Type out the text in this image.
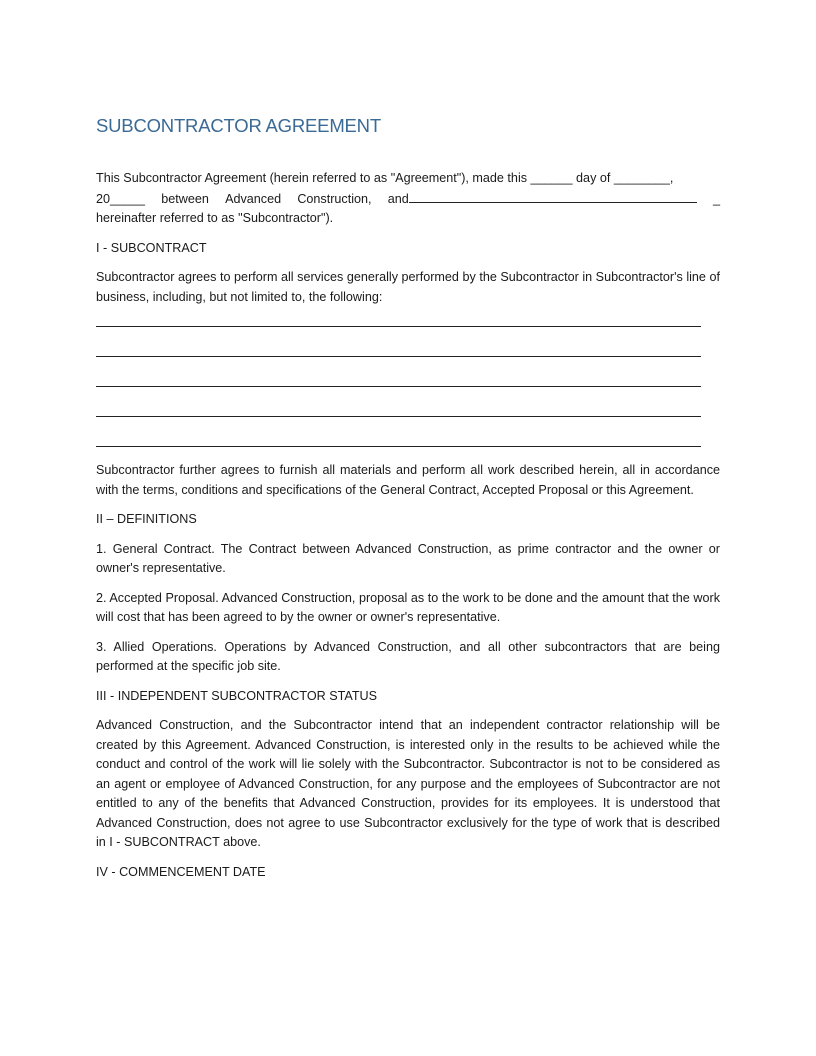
SUBCONTRACTOR AGREEMENT

This Subcontractor Agreement (herein referred to as "Agreement"), made this ______ day of ________,

20_____ between Advanced Construction, and	_

hereinafter referred to as "Subcontractor").

I - SUBCONTRACT

Subcontractor agrees to perform all services generally performed by the Subcontractor in Subcontractor's line of business, including, but not limited to, the following:

Subcontractor further agrees to furnish all materials and perform all work described herein, all in accordance with the terms, conditions and specifications of the General Contract, Accepted Proposal or this Agreement.

II – DEFINITIONS

1. General Contract. The Contract between Advanced Construction, as prime contractor and the owner or owner's representative.

2. Accepted Proposal. Advanced Construction, proposal as to the work to be done and the amount that the work will cost that has been agreed to by the owner or owner's representative.

3. Allied Operations. Operations by Advanced Construction, and all other subcontractors that are being performed at the specific job site.

III - INDEPENDENT SUBCONTRACTOR STATUS

Advanced Construction, and the Subcontractor intend that an independent contractor relationship will be created by this Agreement. Advanced Construction, is interested only in the results to be achieved while the conduct and control of the work will lie solely with the Subcontractor. Subcontractor is not to be considered as an agent or employee of Advanced Construction, for any purpose and the employees of Subcontractor are not entitled to any of the benefits that Advanced Construction, provides for its employees. It is understood that Advanced Construction, does not agree to use Subcontractor exclusively for the type of work that is described in I - SUBCONTRACT above.

IV - COMMENCEMENT DATE
